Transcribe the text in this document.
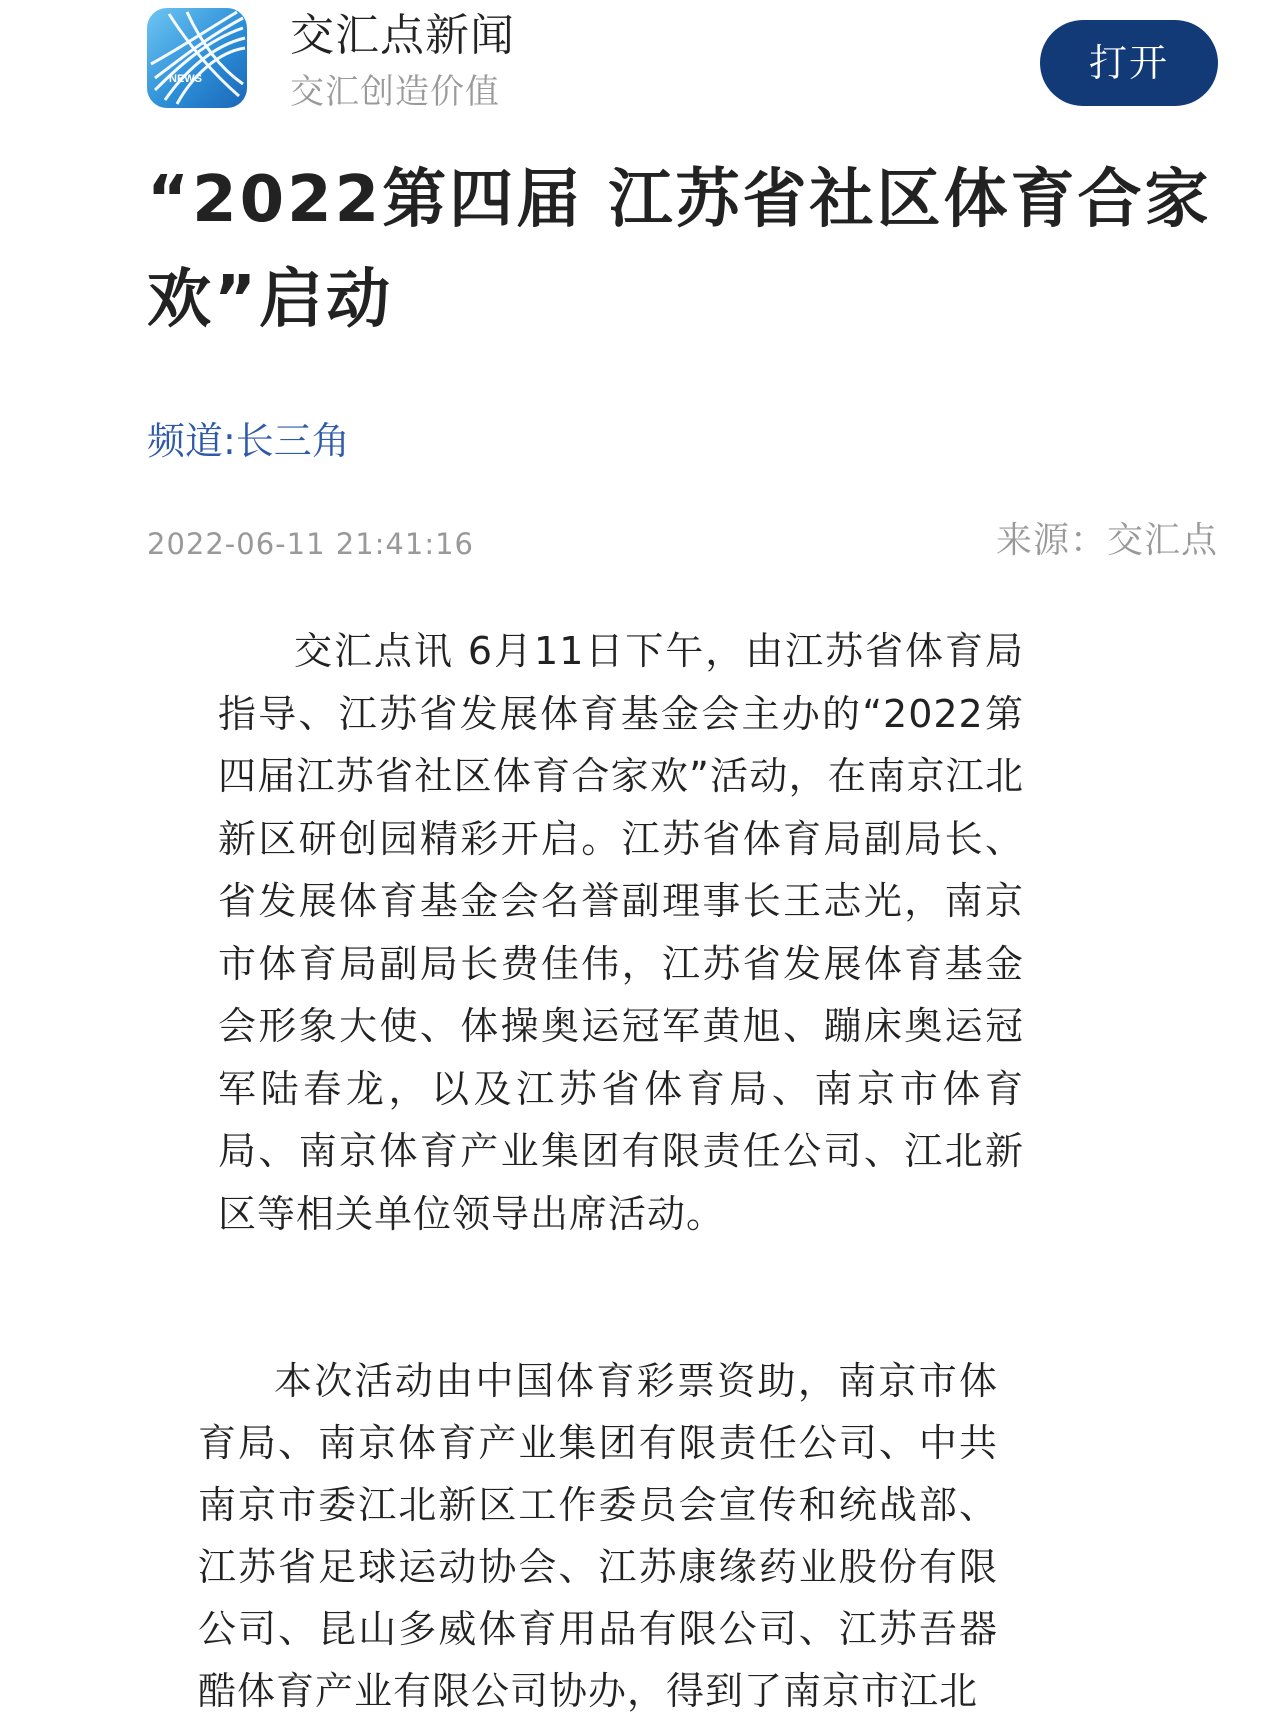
NEWS
交汇点新闻
交汇创造价值
打开
“2022第四届 江苏省社区体育合家欢”启动
频道:长三角
2022-06-11 21:41:16	来源：交汇点

交汇点讯 6月11日下午，由江苏省体育局指导、江苏省发展体育基金会主办的“2022第四届江苏省社区体育合家欢”活动，在南京江北新区研创园精彩开启。江苏省体育局副局长、省发展体育基金会名誉副理事长王志光，南京市体育局副局长费佳伟，江苏省发展体育基金会形象大使、体操奥运冠军黄旭、蹦床奥运冠军陆春龙，以及江苏省体育局、南京市体育局、南京体育产业集团有限责任公司、江北新区等相关单位领导出席活动。

本次活动由中国体育彩票资助，南京市体育局、南京体育产业集团有限责任公司、中共南京市委江北新区工作委员会宣传和统战部、江苏省足球运动协会、江苏康缘药业股份有限公司、昆山多威体育用品有限公司、江苏吾器酷体育产业有限公司协办，得到了南京市江北
